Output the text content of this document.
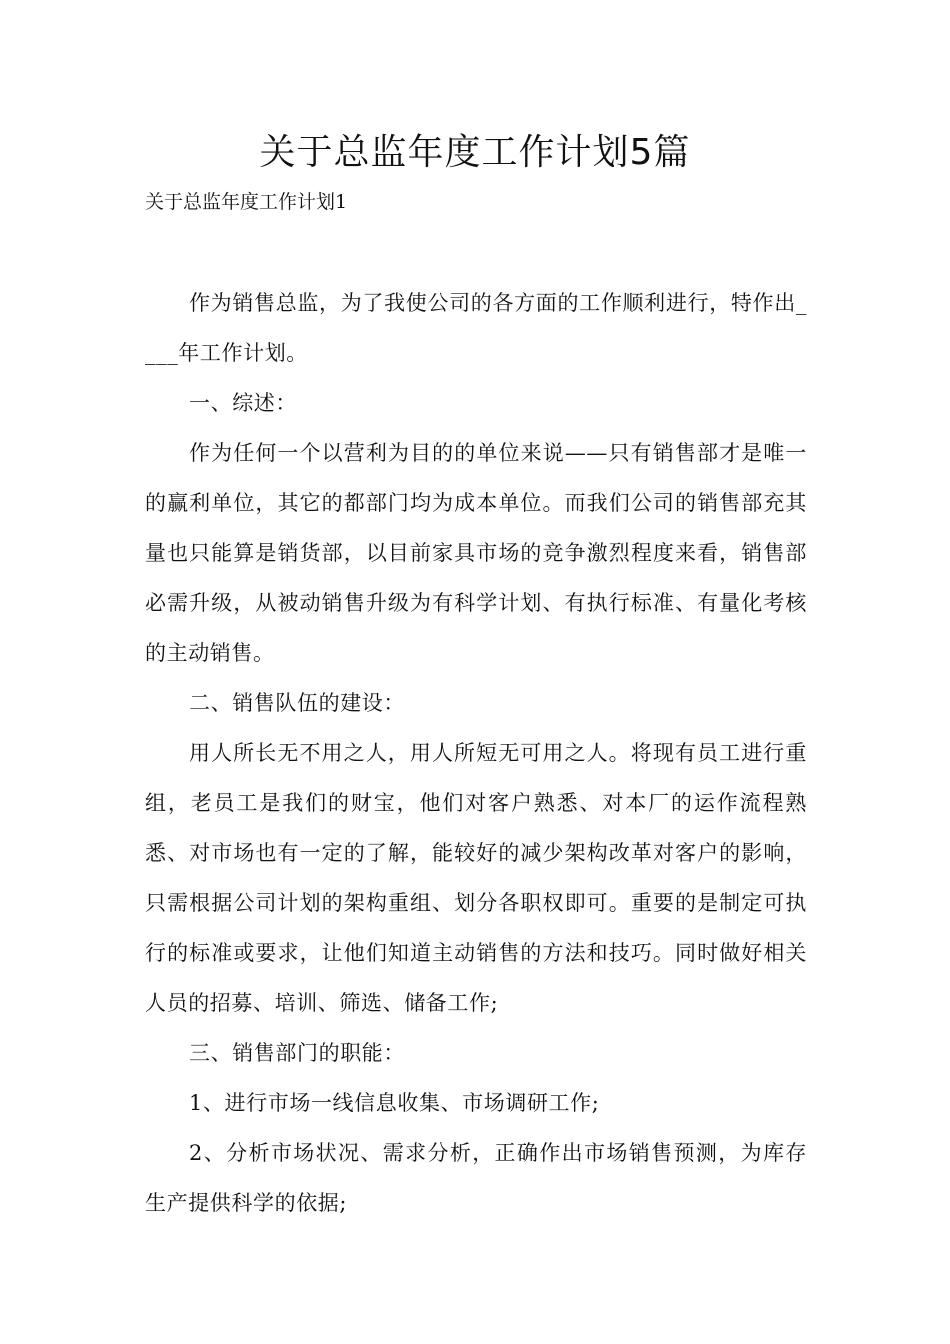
关于总监年度工作计划5篇

关于总监年度工作计划1

作为销售总监，为了我使公司的各方面的工作顺利进行，特作出____年工作计划。

一、综述：

作为任何一个以营利为目的的单位来说——只有销售部才是唯一的赢利单位，其它的都部门均为成本单位。而我们公司的销售部充其量也只能算是销货部，以目前家具市场的竞争激烈程度来看，销售部必需升级，从被动销售升级为有科学计划、有执行标准、有量化考核的主动销售。

二、销售队伍的建设：

用人所长无不用之人，用人所短无可用之人。将现有员工进行重组，老员工是我们的财宝，他们对客户熟悉、对本厂的运作流程熟悉、对市场也有一定的了解，能较好的减少架构改革对客户的影响，只需根据公司计划的架构重组、划分各职权即可。重要的是制定可执行的标准或要求，让他们知道主动销售的方法和技巧。同时做好相关人员的招募、培训、筛选、储备工作;

三、销售部门的职能：

1、进行市场一线信息收集、市场调研工作;

2、分析市场状况、需求分析，正确作出市场销售预测，为库存生产提供科学的依据;
